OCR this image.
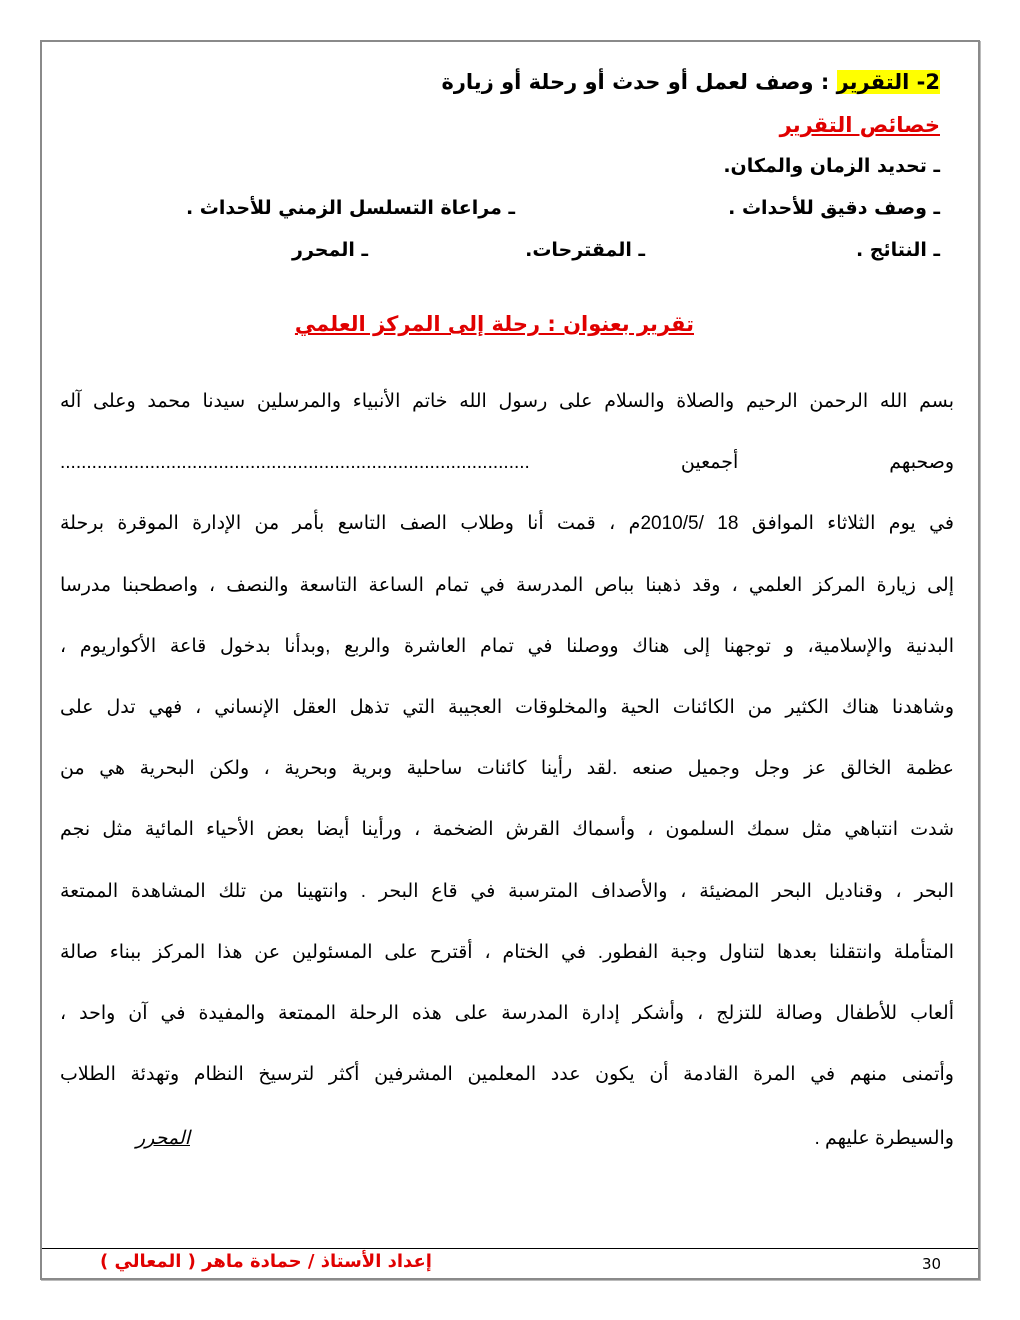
2- التقرير : وصف لعمل أو حدث أو رحلة أو زيارة
خصائص التقرير
ـ تحديد الزمان والمكان.
ـ وصف دقيق للأحداث .
ـ مراعاة التسلسل الزمني للأحداث .
ـ النتائج .
ـ المقترحات.
ـ المحرر
تقرير بعنوان : رحلة إلى المركز العلمي
بسم الله الرحمن الرحيم والصلاة والسلام على رسول الله خاتم الأنبياء والمرسلين سيدنا محمد وعلى آله
وصحبهم أجمعين .........................................................................................
في يوم الثلاثاء الموافق 18 /2010/5م ، قمت أنا وطلاب الصف التاسع بأمر من الإدارة الموقرة برحلة
إلى زيارة المركز العلمي ، وقد ذهبنا بباص المدرسة في تمام الساعة التاسعة والنصف ، واصطحبنا مدرسا
البدنية والإسلامية، و توجهنا إلى هناك ووصلنا في تمام العاشرة والربع ,وبدأنا بدخول قاعة الأكواريوم ،
وشاهدنا هناك الكثير من الكائنات الحية والمخلوقات العجيبة التي تذهل العقل الإنساني ، فهي تدل على
عظمة الخالق عز وجل وجميل صنعه .لقد رأينا كائنات ساحلية وبرية وبحرية ، ولكن البحرية هي من
شدت انتباهي مثل سمك السلمون ، وأسماك القرش الضخمة ، ورأينا أيضا بعض الأحياء المائية مثل نجم
البحر ، وقناديل البحر المضيئة ، والأصداف المترسبة في قاع البحر . وانتهينا من تلك المشاهدة الممتعة
المتأملة وانتقلنا بعدها لتناول وجبة الفطور. في الختام ، أقترح على المسئولين عن هذا المركز ببناء صالة
ألعاب للأطفال وصالة للتزلج ، وأشكر إدارة المدرسة على هذه الرحلة الممتعة والمفيدة في آن واحد ،
وأتمنى منهم في المرة القادمة أن يكون عدد المعلمين المشرفين أكثر لترسيخ النظام وتهدئة الطلاب
والسيطرة عليهم .
المحرر
إعداد الأستاذ / حمادة ماهر ( المعالي )	30
